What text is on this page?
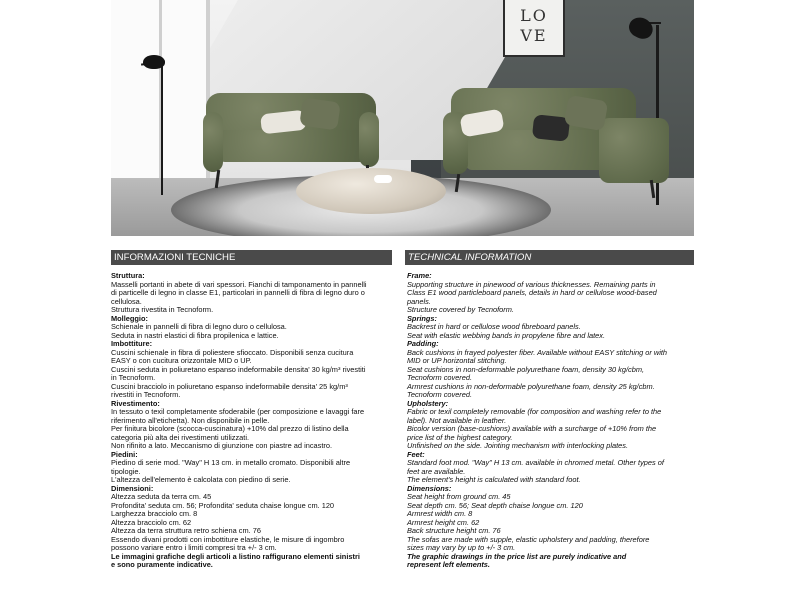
LO
VE
INFORMAZIONI TECNICHE	TECHNICAL INFORMATION
Struttura:
Masselli portanti in abete di vari spessori. Fianchi di tamponamento in pannelli
di particelle di legno in classe E1, particolari in pannelli di fibra di legno duro o
cellulosa.
Struttura rivestita in Tecnoform.
Molleggio:
Schienale in pannelli di fibra di legno duro o cellulosa.
Seduta in nastri elastici di fibra propilenica e lattice.
Imbottiture:
Cuscini schienale in fibra di poliestere sfioccato. Disponibili senza cucitura
EASY o con cucitura orizzontale MID o UP.
Cuscini seduta in poliuretano espanso indeformabile densita' 30 kg/m³ rivestiti
in Tecnoform.
Cuscini bracciolo in poliuretano espanso indeformabile densita' 25 kg/m³
rivestiti in Tecnoform.
Rivestimento:
In tessuto o texil completamente sfoderabile (per composizione e lavaggi fare
riferimento all'etichetta). Non disponibile in pelle.
Per finitura bicolore (scocca-cuscinatura) +10% dal prezzo di listino della
categoria più alta dei rivestimenti utilizzati.
Non rifinito a lato. Meccanismo di giunzione con piastre ad incastro.
Piedini:
Piedino di serie mod. "Way" H 13 cm. in metallo cromato. Disponibili altre
tipologie.
L'altezza dell'elemento è calcolata con piedino di serie.
Dimensioni:
Altezza seduta da terra cm. 45
Profondita' seduta cm. 56; Profondita' seduta chaise longue cm. 120
Larghezza bracciolo cm. 8
Altezza bracciolo cm. 62
Altezza da terra struttura retro schiena cm. 76
Essendo divani prodotti con imbottiture elastiche, le misure di ingombro
possono variare entro i limiti compresi tra +/- 3 cm.
Le immagini grafiche degli articoli a listino raffigurano elementi sinistri
e sono puramente indicative.
Frame:
Supporting structure in pinewood of various thicknesses. Remaining parts in
Class E1 wood particleboard panels, details in hard or cellulose wood-based
panels.
Structure covered by Tecnoform.
Springs:
Backrest in hard or cellulose wood fibreboard panels.
Seat with elastic webbing bands in propylene fibre and latex.
Padding:
Back cushions in frayed polyester fiber. Available without EASY stitching or with
MID or UP horizontal stitching.
Seat cushions in non-deformable polyurethane foam, density 30 kg/cbm,
Tecnoform covered.
Armrest cushions in non-deformable polyurethane foam, density 25 kg/cbm.
Tecnoform covered.
Upholstery:
Fabric or texil completely removable (for composition and washing refer to the
label). Not available in leather.
Bicolor version (base-cushions) available with a surcharge of +10% from the
price list of the highest category.
Unfinished on the side. Jointing mechanism with interlocking plates.
Feet:
Standard foot mod. "Way" H 13 cm. available in chromed metal. Other types of
feet are available.
The element's height is calculated with standard foot.
Dimensions:
Seat height from ground cm. 45
Seat depth cm. 56; Seat depth chaise longue cm. 120
Armrest width cm. 8
Armrest height cm. 62
Back structure height cm. 76
The sofas are made with supple, elastic upholstery and padding, therefore
sizes may vary by up to +/- 3 cm.
The graphic drawings in the price list are purely indicative and
represent left elements.
